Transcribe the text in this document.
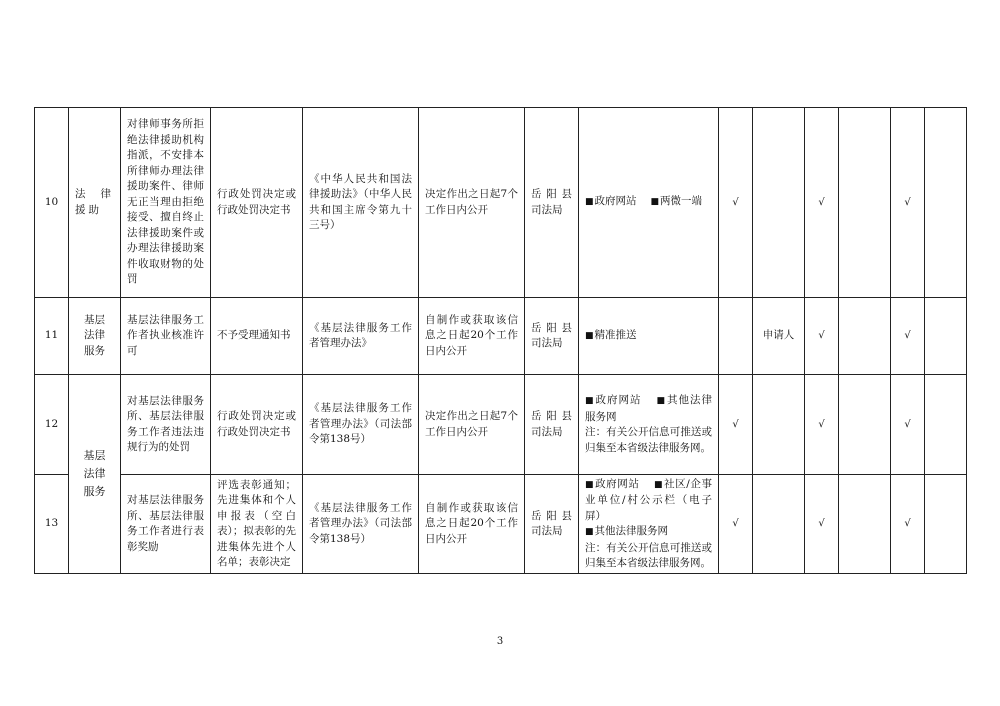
10	法律援助	对律师事务所拒绝法律援助机构指派，不安排本所律师办理法律援助案件、律师无正当理由拒绝接受、擅自终止法律援助案件或办理法律援助案件收取财物的处罚	行政处罚决定或行政处罚决定书	《中华人民共和国法律援助法》（中华人民共和国主席令第九十三号）	决定作出之日起7个工作日内公开	岳阳县司法局	■政府网站 ■两微一端	√		√		√	
11	基层法律服务	基层法律服务工作者执业核准许可	不予受理通知书	《基层法律服务工作者管理办法》	自制作或获取该信息之日起20个工作日内公开	岳阳县司法局	■精准推送		申请人	√		√	
12	基层法律服务	对基层法律服务所、基层法律服务工作者违法违规行为的处罚	行政处罚决定或行政处罚决定书	《基层法律服务工作者管理办法》（司法部令第138号）	决定作出之日起7个工作日内公开	岳阳县司法局	■政府网站 ■其他法律服务网
注：有关公开信息可推送或归集至本省级法律服务网。	√		√		√	
13		对基层法律服务所、基层法律服务工作者进行表彰奖励	评选表彰通知；先进集体和个人申报表（空白表）；拟表彰的先进集体先进个人名单；表彰决定	《基层法律服务工作者管理办法》（司法部令第138号）	自制作或获取该信息之日起20个工作日内公开	岳阳县司法局	■政府网站 ■社区/企事业单位/村公示栏（电子屏）
■其他法律服务网
注：有关公开信息可推送或归集至本省级法律服务网。	√		√		√	
3
